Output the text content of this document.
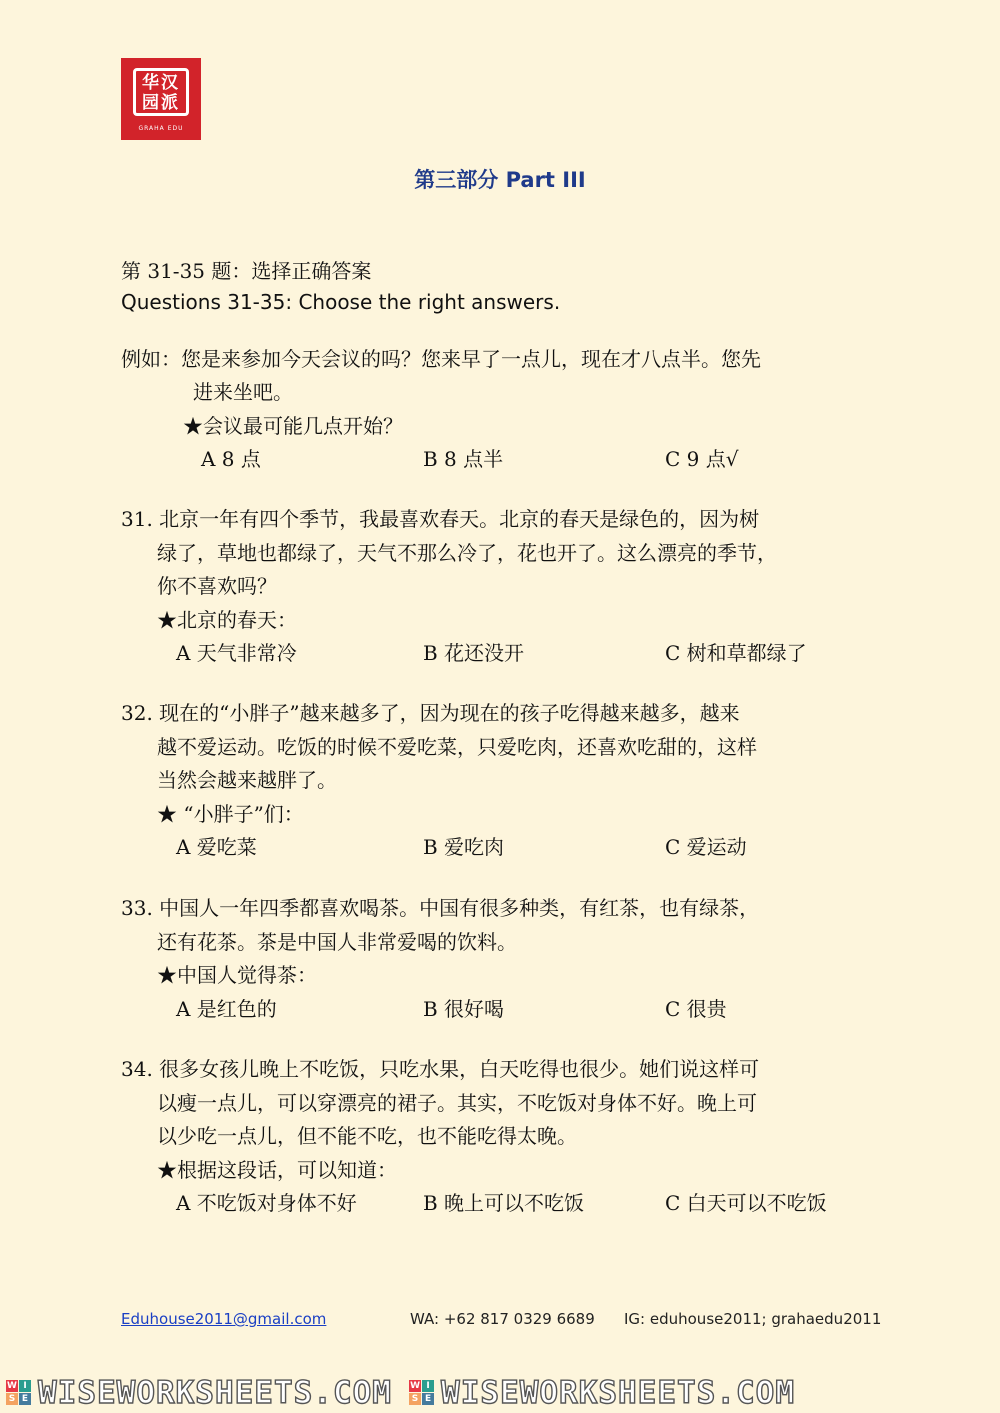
华汉
园派
GRAHA EDU
第三部分 Part III
第 31-35 题：选择正确答案
Questions 31-35: Choose the right answers.
例如：您是来参加今天会议的吗？您来早了一点儿，现在才八点半。您先
进来坐吧。
★会议最可能几点开始？
A 8 点	B 8 点半	C 9 点√
31. 北京一年有四个季节，我最喜欢春天。北京的春天是绿色的，因为树
绿了，草地也都绿了，天气不那么冷了，花也开了。这么漂亮的季节，
你不喜欢吗？
★北京的春天：
A 天气非常冷	B 花还没开	C 树和草都绿了
32. 现在的“小胖子”越来越多了，因为现在的孩子吃得越来越多，越来
越不爱运动。吃饭的时候不爱吃菜，只爱吃肉，还喜欢吃甜的，这样
当然会越来越胖了。
★ “小胖子”们：
A 爱吃菜	B 爱吃肉	C 爱运动
33. 中国人一年四季都喜欢喝茶。中国有很多种类，有红茶，也有绿茶，
还有花茶。茶是中国人非常爱喝的饮料。
★中国人觉得茶：
A 是红色的	B 很好喝	C 很贵
34. 很多女孩儿晚上不吃饭，只吃水果，白天吃得也很少。她们说这样可
以瘦一点儿，可以穿漂亮的裙子。其实，不吃饭对身体不好。晚上可
以少吃一点儿，但不能不吃，也不能吃得太晚。
★根据这段话，可以知道：
A 不吃饭对身体不好	B 晚上可以不吃饭	C 白天可以不吃饭
Eduhouse2011@gmail.com	WA: +62 817 0329 6689 IG: eduhouse2011; grahaedu2011
W I
S E WISEWORKSHEETS.COM W I
S E WISEWORKSHEETS.COM
